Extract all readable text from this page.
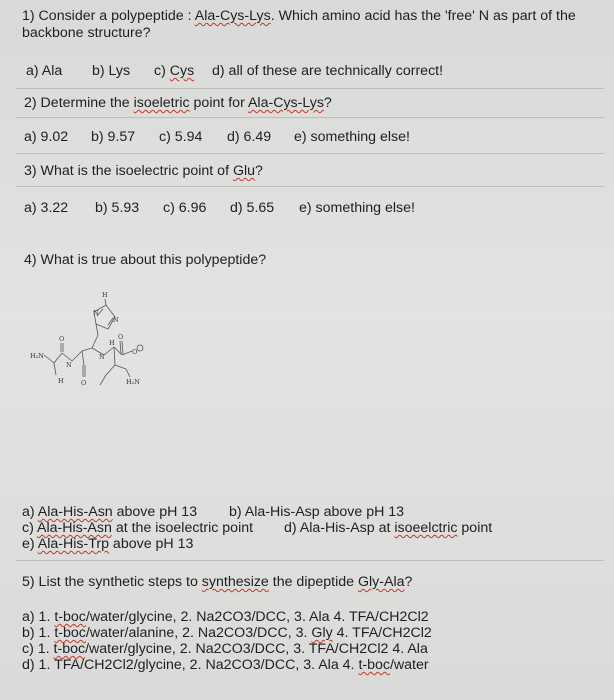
1) Consider a polypeptide : Ala-Cys-Lys. Which amino acid has the 'free' N as part of the
backbone structure?
a) Ala b) Lys c) Cys d) all of these are technically correct!
2) Determine the isoeletric point for Ala-Cys-Lys?
a) 9.02 b) 9.57 c) 5.94 d) 6.49 e) something else!
3) What is the isoelectric point of Glu?
a) 3.22 b) 5.93 c) 6.96 d) 5.65 e) something else!
4) What is true about this polypeptide?
H
N
N
H₂N
O
H
N
H
N
O
O
O
H₂N
a) Ala-His-Asn above pH 13 b) Ala-His-Asp above pH 13
c) Ala-His-Asn at the isoelectric point d) Ala-His-Asp at isoeelctric point
e) Ala-His-Trp above pH 13
5) List the synthetic steps to synthesize the dipeptide Gly-Ala?
a) 1. t-boc/water/glycine, 2. Na2CO3/DCC, 3. Ala 4. TFA/CH2Cl2
b) 1. t-boc/water/alanine, 2. Na2CO3/DCC, 3. Gly 4. TFA/CH2Cl2
c) 1. t-boc/water/glycine, 2. Na2CO3/DCC, 3. TFA/CH2Cl2 4. Ala
d) 1. TFA/CH2Cl2/glycine, 2. Na2CO3/DCC, 3. Ala 4. t-boc/water
